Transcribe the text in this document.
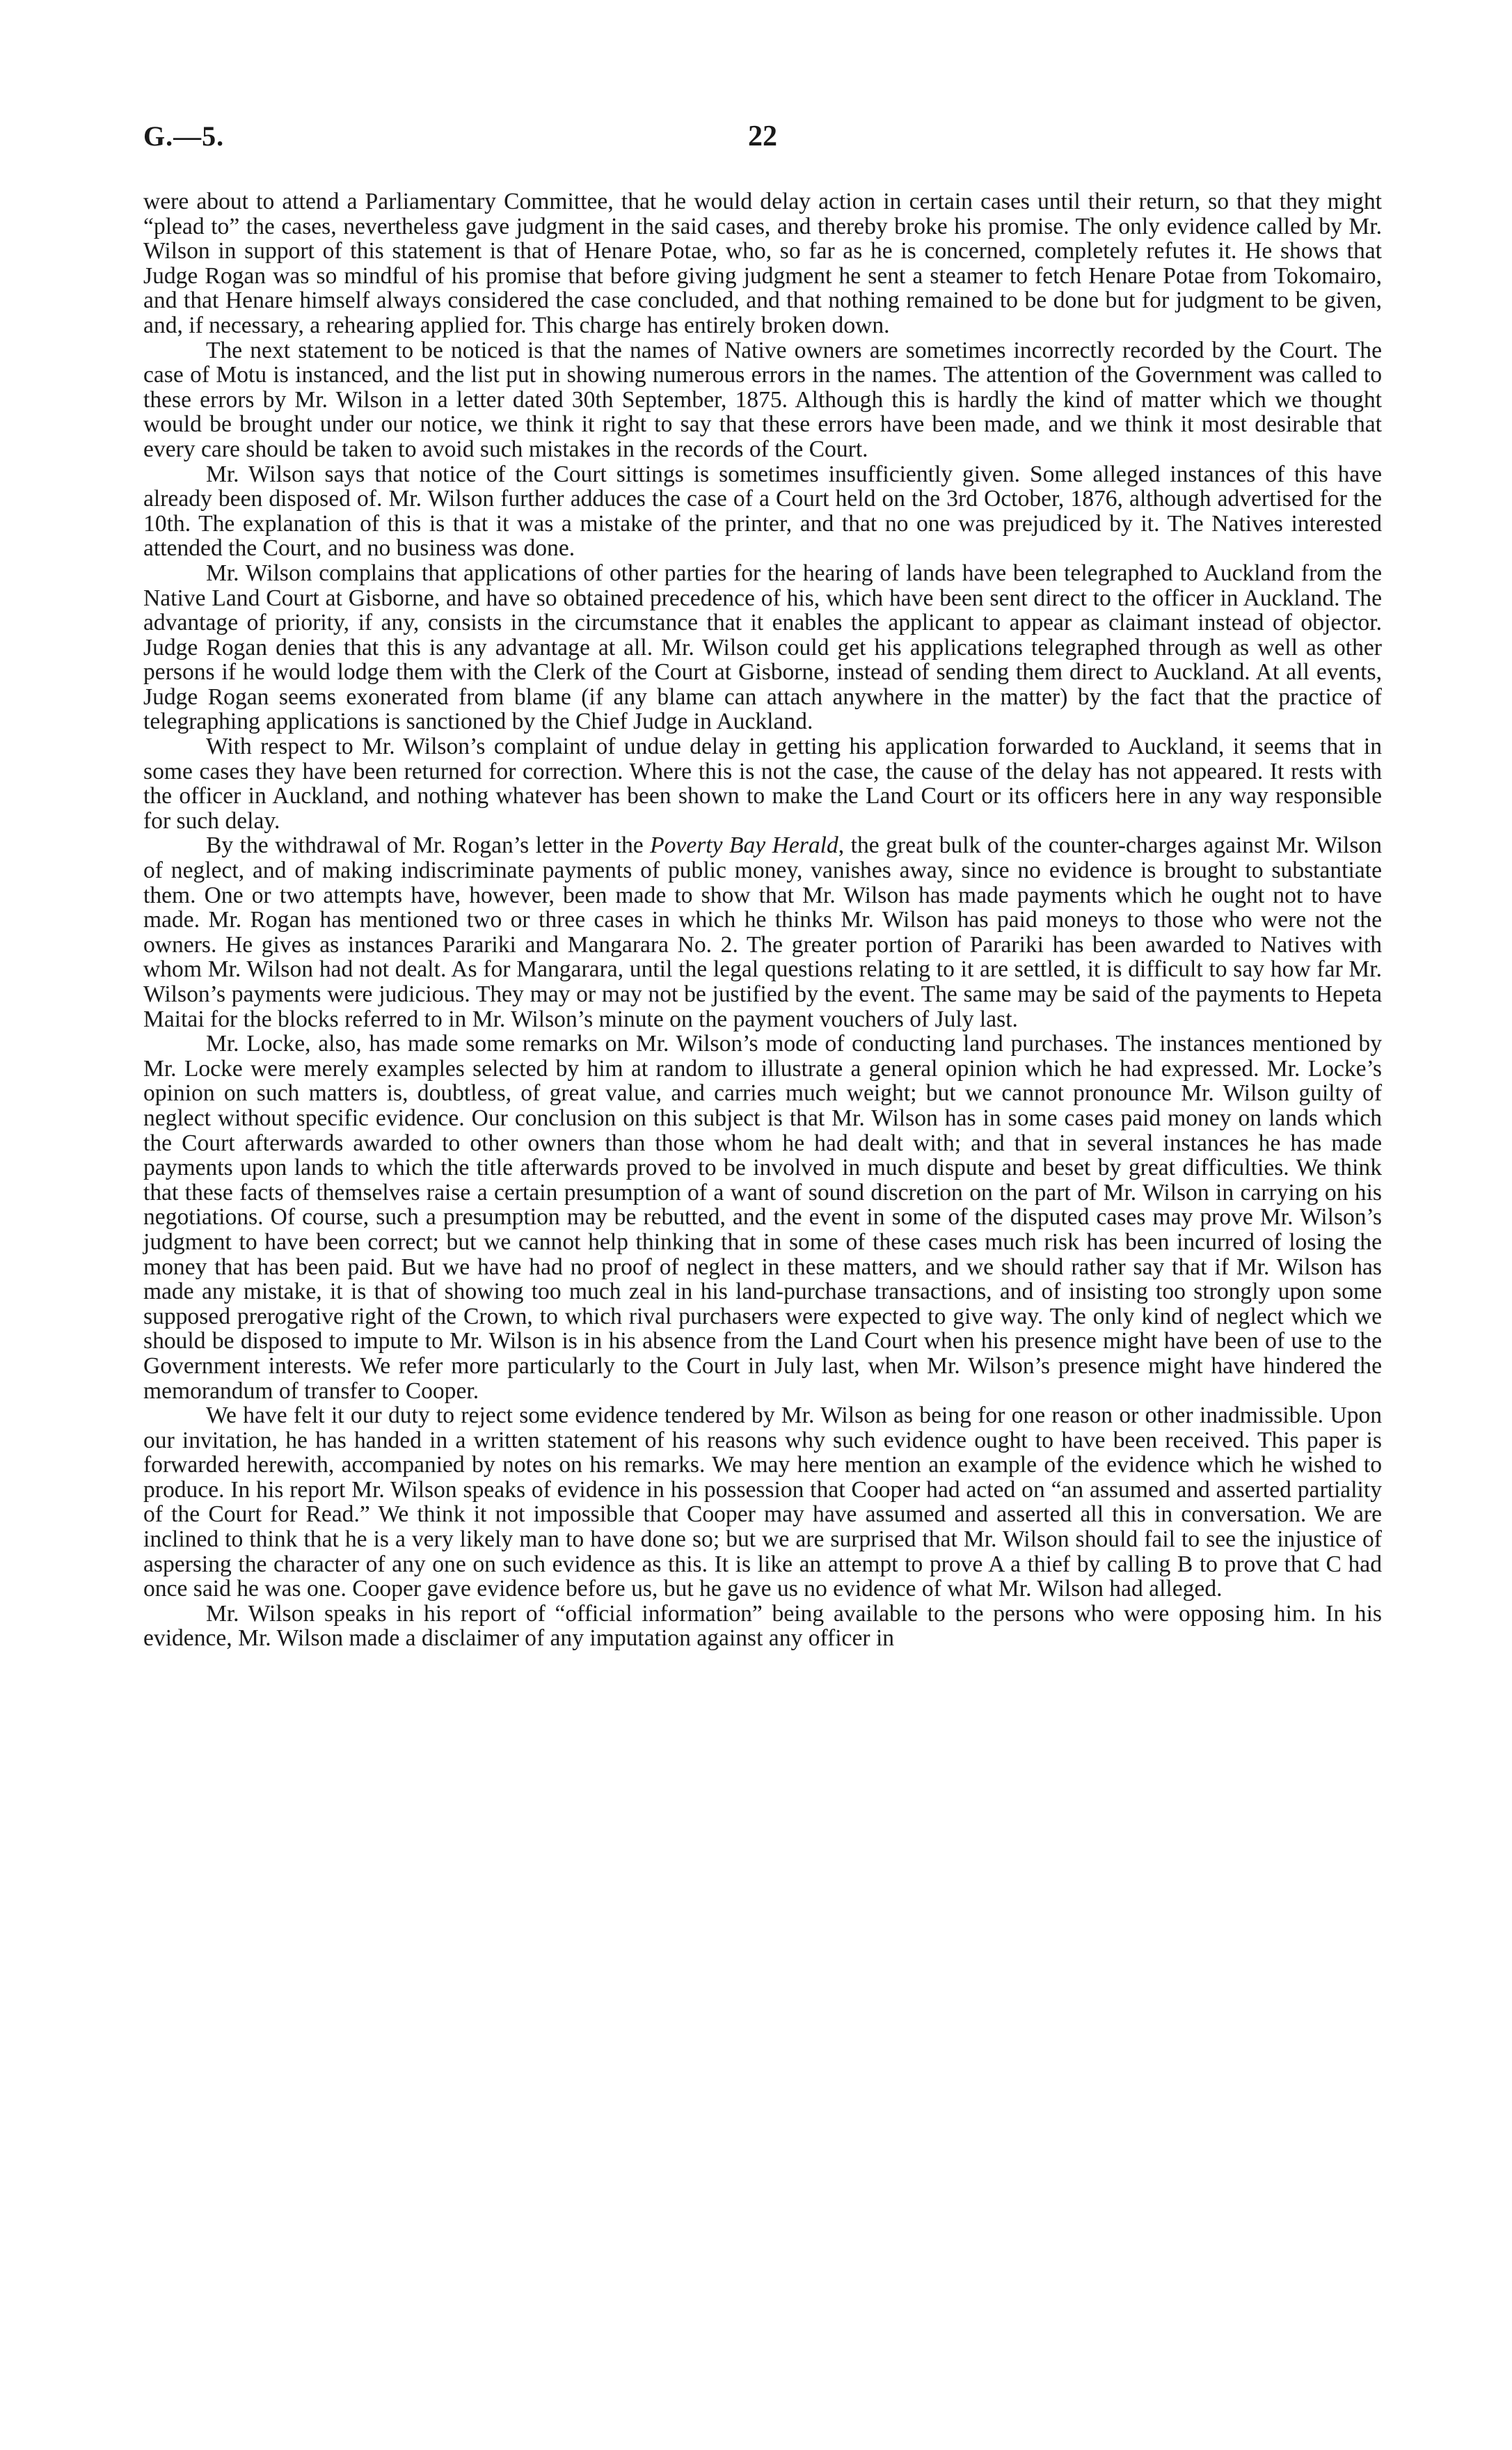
G.—5.	22

were about to attend a Parliamentary Committee, that he would delay action in certain cases until their return, so that they might “plead to” the cases, nevertheless gave judgment in the said cases, and thereby broke his promise. The only evidence called by Mr. Wilson in support of this statement is that of Henare Potae, who, so far as he is concerned, completely refutes it. He shows that Judge Rogan was so mindful of his promise that before giving judgment he sent a steamer to fetch Henare Potae from Tokomairo, and that Henare himself always considered the case concluded, and that nothing remained to be done but for judgment to be given, and, if necessary, a rehearing applied for. This charge has entirely broken down.

The next statement to be noticed is that the names of Native owners are sometimes incorrectly recorded by the Court. The case of Motu is instanced, and the list put in showing numerous errors in the names. The attention of the Government was called to these errors by Mr. Wilson in a letter dated 30th September, 1875. Although this is hardly the kind of matter which we thought would be brought under our notice, we think it right to say that these errors have been made, and we think it most desirable that every care should be taken to avoid such mistakes in the records of the Court.

Mr. Wilson says that notice of the Court sittings is sometimes insufficiently given. Some alleged instances of this have already been disposed of. Mr. Wilson further adduces the case of a Court held on the 3rd October, 1876, although advertised for the 10th. The explanation of this is that it was a mistake of the printer, and that no one was prejudiced by it. The Natives interested attended the Court, and no business was done.

Mr. Wilson complains that applications of other parties for the hearing of lands have been telegraphed to Auckland from the Native Land Court at Gisborne, and have so obtained precedence of his, which have been sent direct to the officer in Auckland. The advantage of priority, if any, consists in the circumstance that it enables the applicant to appear as claimant instead of objector. Judge Rogan denies that this is any advantage at all. Mr. Wilson could get his applications telegraphed through as well as other persons if he would lodge them with the Clerk of the Court at Gisborne, instead of sending them direct to Auckland. At all events, Judge Rogan seems exonerated from blame (if any blame can attach anywhere in the matter) by the fact that the practice of telegraphing applications is sanctioned by the Chief Judge in Auckland.

With respect to Mr. Wilson’s complaint of undue delay in getting his application forwarded to Auckland, it seems that in some cases they have been returned for correction. Where this is not the case, the cause of the delay has not appeared. It rests with the officer in Auckland, and nothing whatever has been shown to make the Land Court or its officers here in any way responsible for such delay.

By the withdrawal of Mr. Rogan’s letter in the Poverty Bay Herald, the great bulk of the counter-charges against Mr. Wilson of neglect, and of making indiscriminate payments of public money, vanishes away, since no evidence is brought to substantiate them. One or two attempts have, however, been made to show that Mr. Wilson has made payments which he ought not to have made. Mr. Rogan has mentioned two or three cases in which he thinks Mr. Wilson has paid moneys to those who were not the owners. He gives as instances Parariki and Mangarara No. 2. The greater portion of Parariki has been awarded to Natives with whom Mr. Wilson had not dealt. As for Mangarara, until the legal questions relating to it are settled, it is difficult to say how far Mr. Wilson’s payments were judicious. They may or may not be justified by the event. The same may be said of the payments to Hepeta Maitai for the blocks referred to in Mr. Wilson’s minute on the payment vouchers of July last.

Mr. Locke, also, has made some remarks on Mr. Wilson’s mode of conducting land purchases. The instances mentioned by Mr. Locke were merely examples selected by him at random to illustrate a general opinion which he had expressed. Mr. Locke’s opinion on such matters is, doubtless, of great value, and carries much weight; but we cannot pronounce Mr. Wilson guilty of neglect without specific evidence. Our conclusion on this subject is that Mr. Wilson has in some cases paid money on lands which the Court afterwards awarded to other owners than those whom he had dealt with; and that in several instances he has made payments upon lands to which the title afterwards proved to be involved in much dispute and beset by great difficulties. We think that these facts of themselves raise a certain presumption of a want of sound discretion on the part of Mr. Wilson in carrying on his negotiations. Of course, such a presumption may be rebutted, and the event in some of the disputed cases may prove Mr. Wilson’s judgment to have been correct; but we cannot help thinking that in some of these cases much risk has been incurred of losing the money that has been paid. But we have had no proof of neglect in these matters, and we should rather say that if Mr. Wilson has made any mistake, it is that of showing too much zeal in his land-purchase transactions, and of insisting too strongly upon some supposed prerogative right of the Crown, to which rival purchasers were expected to give way. The only kind of neglect which we should be disposed to impute to Mr. Wilson is in his absence from the Land Court when his presence might have been of use to the Government interests. We refer more particularly to the Court in July last, when Mr. Wilson’s presence might have hindered the memorandum of transfer to Cooper.

We have felt it our duty to reject some evidence tendered by Mr. Wilson as being for one reason or other inadmissible. Upon our invitation, he has handed in a written statement of his reasons why such evidence ought to have been received. This paper is forwarded herewith, accompanied by notes on his remarks. We may here mention an example of the evidence which he wished to produce. In his report Mr. Wilson speaks of evidence in his possession that Cooper had acted on “an assumed and asserted partiality of the Court for Read.” We think it not impossible that Cooper may have assumed and asserted all this in conversation. We are inclined to think that he is a very likely man to have done so; but we are surprised that Mr. Wilson should fail to see the injustice of aspersing the character of any one on such evidence as this. It is like an attempt to prove A a thief by calling B to prove that C had once said he was one. Cooper gave evidence before us, but he gave us no evidence of what Mr. Wilson had alleged.

Mr. Wilson speaks in his report of “official information” being available to the persons who were opposing him. In his evidence, Mr. Wilson made a disclaimer of any imputation against any officer in
